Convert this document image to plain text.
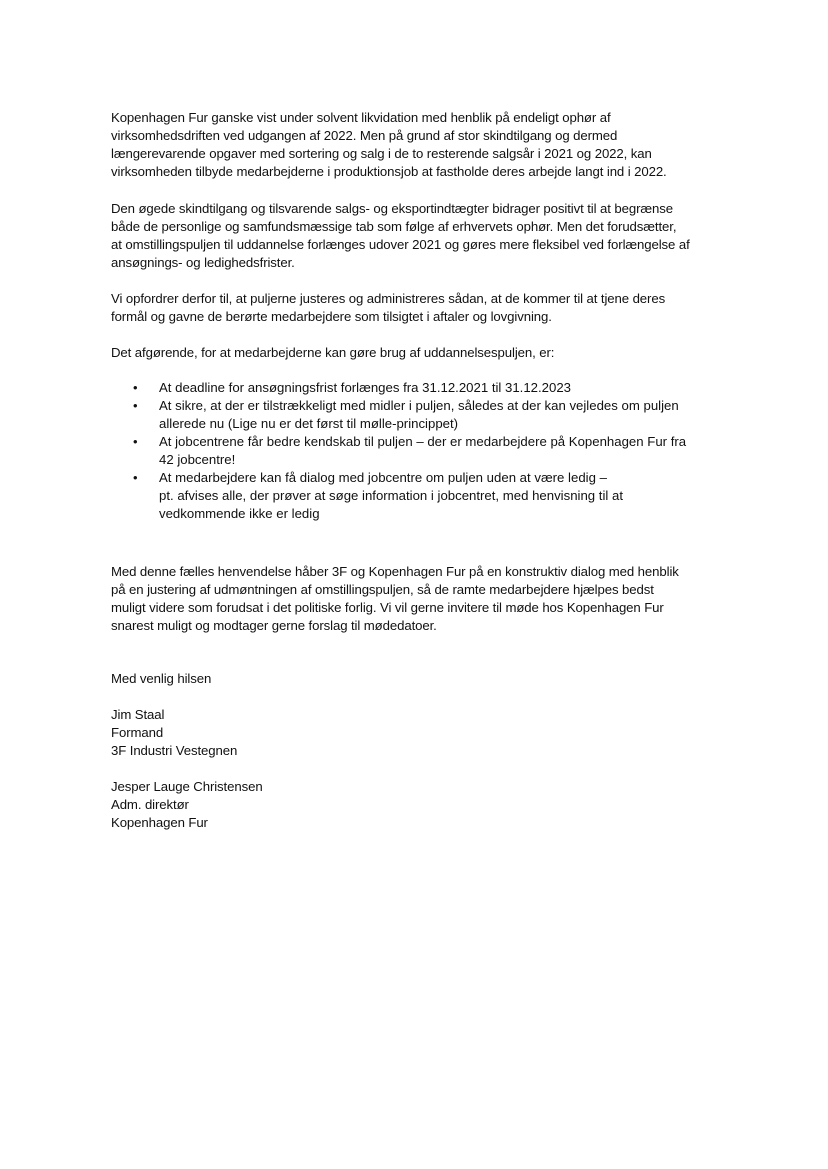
Kopenhagen Fur ganske vist under solvent likvidation med henblik på endeligt ophør af
virksomhedsdriften ved udgangen af 2022. Men på grund af stor skindtilgang og dermed
længerevarende opgaver med sortering og salg i de to resterende salgsår i 2021 og 2022, kan
virksomheden tilbyde medarbejderne i produktionsjob at fastholde deres arbejde langt ind i 2022.
Den øgede skindtilgang og tilsvarende salgs- og eksportindtægter bidrager positivt til at begrænse
både de personlige og samfundsmæssige tab som følge af erhvervets ophør. Men det forudsætter,
at omstillingspuljen til uddannelse forlænges udover 2021 og gøres mere fleksibel ved forlængelse af
ansøgnings- og ledighedsfrister.
Vi opfordrer derfor til, at puljerne justeres og administreres sådan, at de kommer til at tjene deres
formål og gavne de berørte medarbejdere som tilsigtet i aftaler og lovgivning.
Det afgørende, for at medarbejderne kan gøre brug af uddannelsespuljen, er:
• At deadline for ansøgningsfrist forlænges fra 31.12.2021 til 31.12.2023
• At sikre, at der er tilstrækkeligt med midler i puljen, således at der kan vejledes om puljen
allerede nu (Lige nu er det først til mølle-princippet)
• At jobcentrene får bedre kendskab til puljen – der er medarbejdere på Kopenhagen Fur fra
42 jobcentre!
• At medarbejdere kan få dialog med jobcentre om puljen uden at være ledig –
pt. afvises alle, der prøver at søge information i jobcentret, med henvisning til at
vedkommende ikke er ledig
Med denne fælles henvendelse håber 3F og Kopenhagen Fur på en konstruktiv dialog med henblik
på en justering af udmøntningen af omstillingspuljen, så de ramte medarbejdere hjælpes bedst
muligt videre som forudsat i det politiske forlig. Vi vil gerne invitere til møde hos Kopenhagen Fur
snarest muligt og modtager gerne forslag til mødedatoer.
Med venlig hilsen
Jim Staal
Formand
3F Industri Vestegnen
Jesper Lauge Christensen
Adm. direktør
Kopenhagen Fur
